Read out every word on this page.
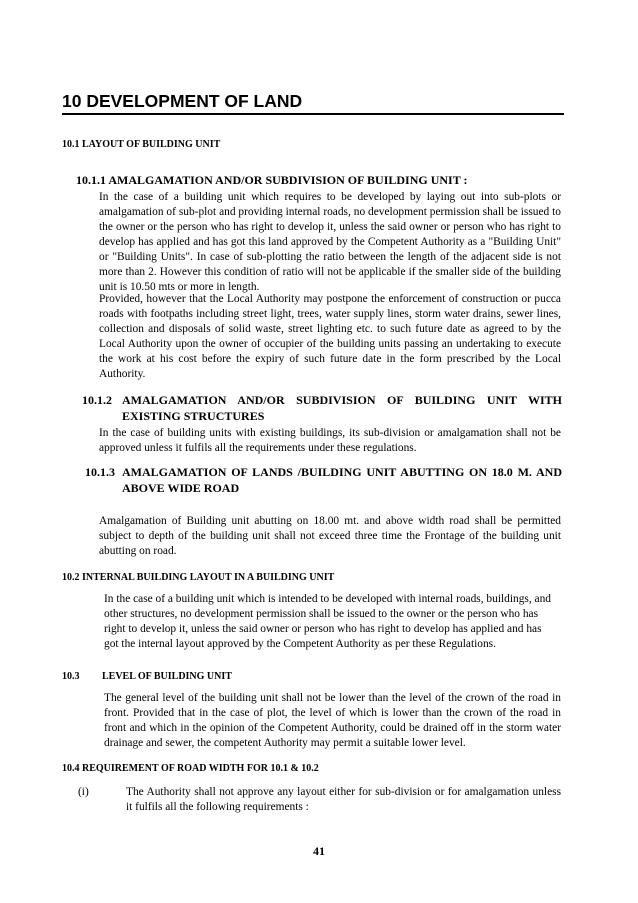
10 DEVELOPMENT OF LAND
10.1 LAYOUT OF BUILDING UNIT
10.1.1 AMALGAMATION AND/OR SUBDIVISION OF BUILDING UNIT :

In the case of a building unit which requires to be developed by laying out into sub-plots or amalgamation of sub-plot and providing internal roads, no development permission shall be issued to the owner or the person who has right to develop it, unless the said owner or person who has right to develop has applied and has got this land approved by the Competent Authority as a "Building Unit" or "Building Units". In case of sub-plotting the ratio between the length of the adjacent side is not more than 2. However this condition of ratio will not be applicable if the smaller side of the building unit is 10.50 mts or more in length.

Provided, however that the Local Authority may postpone the enforcement of construction or pucca roads with footpaths including street light, trees, water supply lines, storm water drains, sewer lines, collection and disposals of solid waste, street lighting etc. to such future date as agreed to by the Local Authority upon the owner of occupier of the building units passing an undertaking to execute the work at his cost before the expiry of such future date in the form prescribed by the Local Authority.

10.1.2 AMALGAMATION AND/OR SUBDIVISION OF BUILDING UNIT WITH EXISTING STRUCTURES

In the case of building units with existing buildings, its sub-division or amalgamation shall not be approved unless it fulfils all the requirements under these regulations.

10.1.3 AMALGAMATION OF LANDS /BUILDING UNIT ABUTTING ON 18.0 M. AND ABOVE WIDE ROAD

Amalgamation of Building unit abutting on 18.00 mt. and above width road shall be permitted subject to depth of the building unit shall not exceed three time the Frontage of the building unit abutting on road.

10.2 INTERNAL BUILDING LAYOUT IN A BUILDING UNIT

In the case of a building unit which is intended to be developed with internal roads, buildings, and other structures, no development permission shall be issued to the owner or the person who has right to develop it, unless the said owner or person who has right to develop has applied and has got the internal layout approved by the Competent Authority as per these Regulations.

10.3	LEVEL OF BUILDING UNIT

The general level of the building unit shall not be lower than the level of the crown of the road in front. Provided that in the case of plot, the level of which is lower than the crown of the road in front and which in the opinion of the Competent Authority, could be drained off in the storm water drainage and sewer, the competent Authority may permit a suitable lower level.

10.4 REQUIREMENT OF ROAD WIDTH FOR 10.1 & 10.2
(i)	The Authority shall not approve any layout either for sub-division or for amalgamation unless it fulfils all the following requirements :
41
